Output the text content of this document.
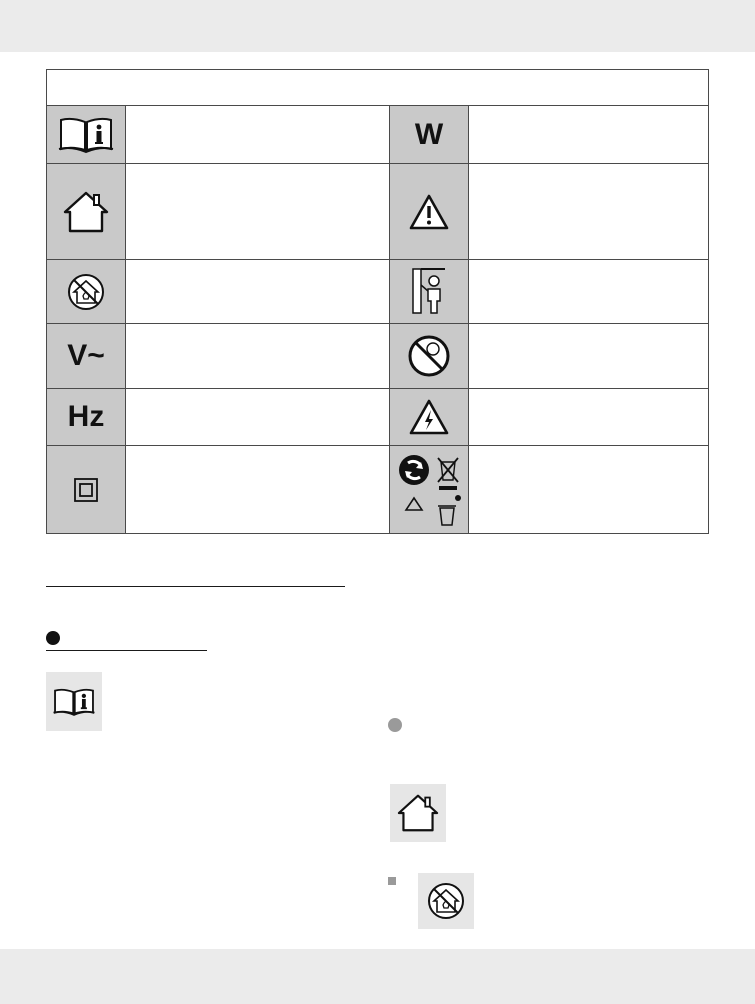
W
V~
Hz
